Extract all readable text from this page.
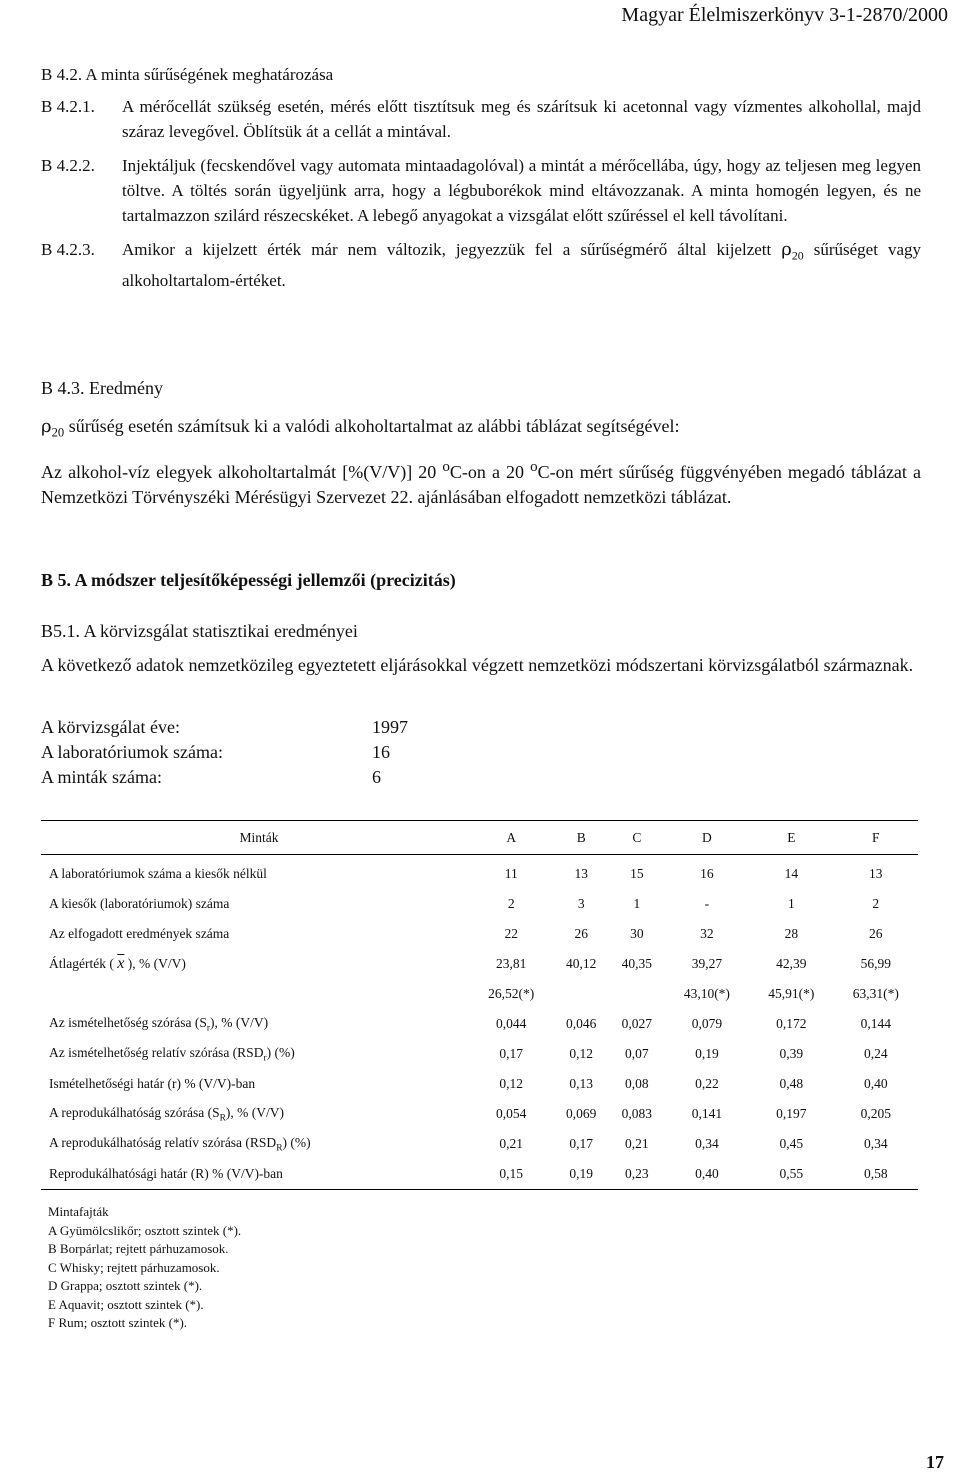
Magyar Élelmiszerkönyv 3-1-2870/2000
B 4.2. A minta sűrűségének meghatározása
B 4.2.1. A mérőcellát szükség esetén, mérés előtt tisztítsuk meg és szárítsuk ki acetonnal vagy vízmentes alkohollal, majd száraz levegővel. Öblítsük át a cellát a mintával.
B 4.2.2. Injektáljuk (fecskendővel vagy automata mintaadagolóval) a mintát a mérőcellába, úgy, hogy az teljesen meg legyen töltve. A töltés során ügyeljünk arra, hogy a légbuborékok mind eltávozzanak. A minta homogén legyen, és ne tartalmazzon szilárd részecskéket. A lebegő anyagokat a vizsgálat előtt szűréssel el kell távolítani.
B 4.2.3. Amikor a kijelzett érték már nem változik, jegyezzük fel a sűrűségmérő által kijelzett $\rho_{20}$ sűrűséget vagy alkoholtartalom-értéket.
B 4.3. Eredmény
$\rho_{20}$ sűrűség esetén számítsuk ki a valódi alkoholtartalmat az alábbi táblázat segítségével:
Az alkohol-víz elegyek alkoholtartalmát [%(V/V)] 20 $^o$C-on a 20 $^o$C-on mért sűrűség függvényében megadó táblázat a Nemzetközi Törvényszéki Mérésügyi Szervezet 22. ajánlásában elfogadott nemzetközi táblázat.
B 5. A módszer teljesítőképességi jellemzői (precizitás)
B5.1. A körvizsgálat statisztikai eredményei
A következő adatok nemzetközileg egyeztetett eljárásokkal végzett nemzetközi módszertani körvizsgálatból származnak.
A körvizsgálat éve:	1997
A laboratóriumok száma:	16
A minták száma:	6
Minták	A	B	C	D	E	F
A laboratóriumok száma a kiesők nélkül	11	13	15	16	14	13
A kiesők (laboratóriumok) száma	2	3	1	-	1	2
Az elfogadott eredmények száma	22	26	30	32	28	26
Átlagérték ( $\overline{x}$ ), % (V/V)	23,81	40,12	40,35	39,27	42,39	56,99
	26,52(*)			43,10(*)	45,91(*)	63,31(*)
Az ismételhetőség szórása $(S_r)$, % (V/V)	0,044	0,046	0,027	0,079	0,172	0,144
Az ismételhetőség relatív szórása $(RSD_r)$ (%)	0,17	0,12	0,07	0,19	0,39	0,24
Ismételhetőségi határ (r) % (V/V)-ban	0,12	0,13	0,08	0,22	0,48	0,40
A reprodukálhatóság szórása $(S_R)$, % (V/V)	0,054	0,069	0,083	0,141	0,197	0,205
A reprodukálhatóság relatív szórása $(RSD_R)$ (%)	0,21	0,17	0,21	0,34	0,45	0,34
Reprodukálhatósági határ (R) % (V/V)-ban	0,15	0,19	0,23	0,40	0,55	0,58
Mintafajták
A Gyümölcslikőr; osztott szintek (*).
B Borpárlat; rejtett párhuzamosok.
C Whisky; rejtett párhuzamosok.
D Grappa; osztott szintek (*).
E Aquavit; osztott szintek (*).
F Rum; osztott szintek (*).
17
